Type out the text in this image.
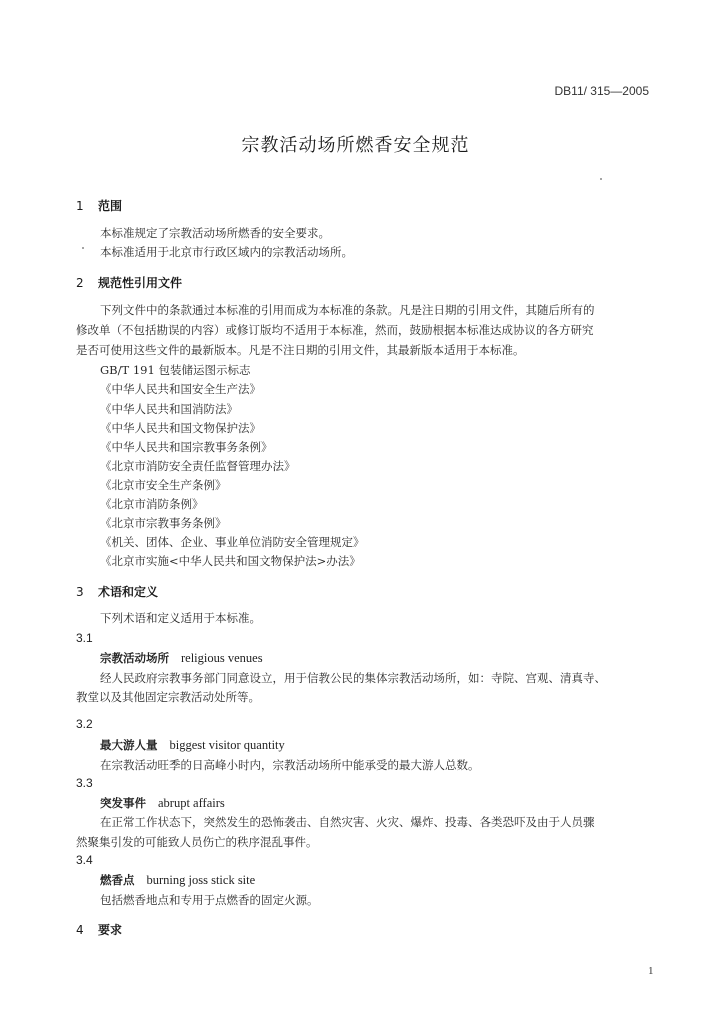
DB11/ 315—2005
宗教活动场所燃香安全规范
1 范围
本标准规定了宗教活动场所燃香的安全要求。
本标准适用于北京市行政区域内的宗教活动场所。
2 规范性引用文件
下列文件中的条款通过本标准的引用而成为本标准的条款。凡是注日期的引用文件，其随后所有的
修改单（不包括勘误的内容）或修订版均不适用于本标准，然而，鼓励根据本标准达成协议的各方研究
是否可使用这些文件的最新版本。凡是不注日期的引用文件，其最新版本适用于本标准。
GB/T 191 包装储运图示标志
《中华人民共和国安全生产法》
《中华人民共和国消防法》
《中华人民共和国文物保护法》
《中华人民共和国宗教事务条例》
《北京市消防安全责任监督管理办法》
《北京市安全生产条例》
《北京市消防条例》
《北京市宗教事务条例》
《机关、团体、企业、事业单位消防安全管理规定》
《北京市实施<中华人民共和国文物保护法>办法》
3 术语和定义
下列术语和定义适用于本标准。
3.1
宗教活动场所 religious venues
经人民政府宗教事务部门同意设立，用于信教公民的集体宗教活动场所，如：寺院、宫观、清真寺、
教堂以及其他固定宗教活动处所等。
3.2
最大游人量 biggest visitor quantity
在宗教活动旺季的日高峰小时内，宗教活动场所中能承受的最大游人总数。
3.3
突发事件 abrupt affairs
在正常工作状态下，突然发生的恐怖袭击、自然灾害、火灾、爆炸、投毒、各类恐吓及由于人员骤
然聚集引发的可能致人员伤亡的秩序混乱事件。
3.4
燃香点 burning joss stick site
包括燃香地点和专用于点燃香的固定火源。
4 要求
1
